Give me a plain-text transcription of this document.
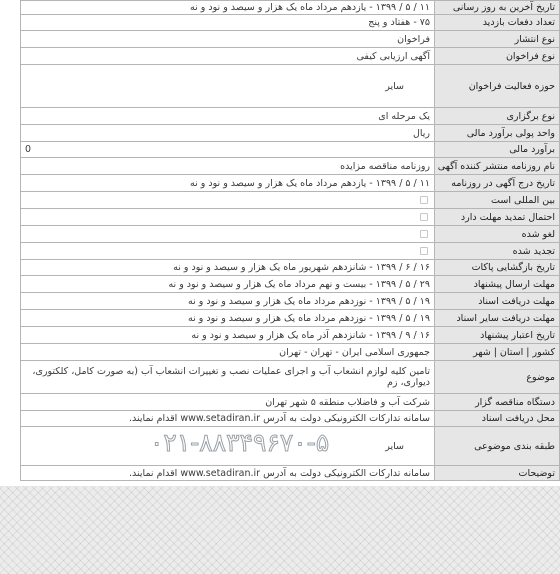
تاریخ آخرین به روز رسانی	۱۱ / ۵ / ۱۳۹۹ - یازدهم مرداد ماه یک هزار و سیصد و نود و نه
تعداد دفعات بازدید	۷۵ - هفتاد و پنج
نوع انتشار	فراخوان
نوع فراخوان	آگهی ارزیابی کیفی
حوزه فعالیت فراخوان	سایر
نوع برگزاری	یک مرحله ای
واحد پولی برآورد مالی	ریال
برآورد مالی	0
نام روزنامه منتشر کننده آگهی	روزنامه مناقصه مزایده
تاریخ درج آگهی در روزنامه	۱۱ / ۵ / ۱۳۹۹ - یازدهم مرداد ماه یک هزار و سیصد و نود و نه
بین المللی است	
احتمال تمدید مهلت دارد	
لغو شده	
تجدید شده	
تاریخ بازگشایی پاکات	۱۶ / ۶ / ۱۳۹۹ - شانزدهم شهریور ماه یک هزار و سیصد و نود و نه
مهلت ارسال پیشنهاد	۲۹ / ۵ / ۱۳۹۹ - بیست و نهم مرداد ماه یک هزار و سیصد و نود و نه
مهلت دریافت اسناد	۱۹ / ۵ / ۱۳۹۹ - نوزدهم مرداد ماه یک هزار و سیصد و نود و نه
مهلت دریافت سایر اسناد	۱۹ / ۵ / ۱۳۹۹ - نوزدهم مرداد ماه یک هزار و سیصد و نود و نه
تاریخ اعتبار پیشنهاد	۱۶ / ۹ / ۱۳۹۹ - شانزدهم آذر ماه یک هزار و سیصد و نود و نه
کشور | استان | شهر	جمهوری اسلامی ایران - تهران - تهران
موضوع	تامین کلیه لوازم انشعاب آب و اجرای عملیات نصب و تغییرات انشعاب آب (به صورت کامل، کلکتوری، دیواری، زم
دستگاه مناقصه گزار	شرکت آب و فاضلاب منطقه ۵ شهر تهران
محل دریافت اسناد	سامانه تدارکات الکترونیکی دولت به آدرس www.setadiran.ir اقدام نمایند.
طبقه بندی موضوعی	سایر
توضیحات	سامانه تدارکات الکترونیکی دولت به آدرس www.setadiran.ir اقدام نمایند.
